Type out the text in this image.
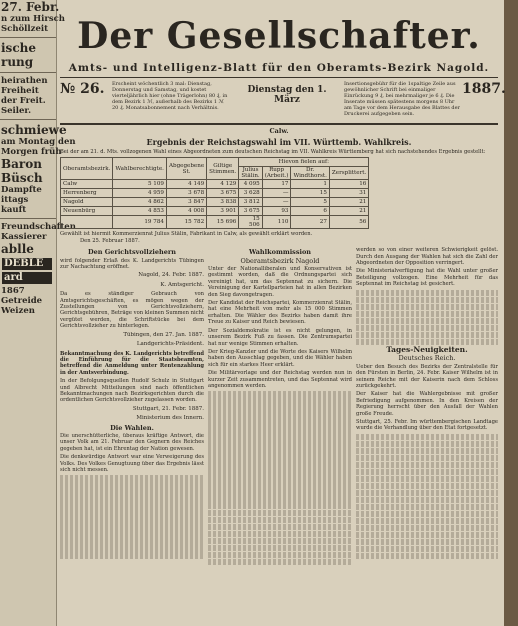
27. Febr.
n zum Hirsch
Schöllzeit
ische
rung
heirathen
Freiheit
der Freit.
Seiler.
schmiewe
am Montag den
Morgen früh
Baron
Büsch
Dampfte
ittags
kauft
Freundschaften
Kassierer
ablle
DEBLE
ard
1867
Getreide
Weizen
Der Gesellschafter.
Amts- und Intelligenz-Blatt für den Oberamts-Bezirk Nagold.
№ 26.	Erscheint wöchentlich 3 mal: Dienstag, Donnerstag und Samstag, und kostet vierteljährlich hier (ohne Trägerlohn) 80 ₰, in dem Bezirk 1 ℳ, außerhalb des Bezirks 1 ℳ 20 ₰. Monatsabonnement nach Verhältnis.
Dienstag den 1. März
Insertionsgebühr für die 1spaltige Zeile aus gewöhnlicher Schrift bei einmaliger Einrückung 9 ₰, bei mehrmaliger je 6 ₰. Die Inserate müssen spätestens morgens 8 Uhr am Tage vor dem Herausgabe des Blattes der Druckerei aufgegeben sein.
1887.
Calw.
Ergebnis der Reichstagswahl im VII. Württemb. Wahlkreis.
Bei der am 21. d. Mts. vollzogenen Wahl eines Abgeordneten zum deutschen Reichstag im VII. Wahlkreis Württemberg hat sich nachstehendes Ergebnis gestellt:
Oberamtsbezirk.	Wahlberechtigte.	Abgegebene St.	Giltige Stimmen.	Hievon fielen auf:			
				Julius Stälin.	Rupp (Arbeit.)	Dr. Windthorst.	Zersplittert.
Calw	5 109	4 149	4 129	4 095	17	1	16
Herrenberg	4 959	3 678	3 675	3 628	—	15	31
Nagold	4 862	3 847	3 838	3 812	—	5	21
Neuenbürg	4 853	4 008	3 901	3 675	93	6	21
	19 784	15 782	15 696	15 506	110	27	56
Gewählt ist hiermit Kommerzienrat Julius Stälin, Fabrikant in Calw, als gewählt erklärt worden.
Den 25. Februar 1887.
Den Gerichtsvollziehern
wird folgender Erlaß des K. Landgerichts Tübingen zur Nachachtung eröffnet.
Nagold, 24. Febr. 1887.
K. Amtsgericht.
Da es ständiger Gebrauch von Amtsgerichtsgeschäften, es mögen wegen der Zustellungen von Gerichtsvollziehern, Gerichtsgebühren, Beträge von kleinen Summen nicht vergütet werden, die Schriftstücke bei dem Gerichtsvollzieher zu hinterlegen.
Tübingen, den 27. Jan. 1887.
Landgerichts-Präsident.
Bekanntmachung des K. Landgerichts betreffend die Einführung für die Staatsbeamten, betreffend die Anmeldung unter Rentenzahlung in der Amtsverbindung.
In der Befolgungsquellen Rudolf Schulz in Stuttgart und Albrecht Mitteilungen sind nach öffentlichen Bekanntmachungen nach Bezirksgerichten durch die ordentlichen Gerichtsvollzieher zugelassen worden.
Stuttgart, 21. Febr. 1887.
Ministerium des Innern.
Die Wahlen.
Die unerschütterliche, überaus kräftige Antwort, die unser Volk am 21. Februar den Gegnern des Reiches gegeben hat, ist ein Ehrentag der Nation gewesen.
Die denkwürdige Antwort war eine Verweigerung des Volks. Des Volkes Genugtuung über das Ergebnis lässt sich nicht messen.
Wahlkommission
Oberamtsbezirk Nagold
Unter der Nationalliberalen und Konservativen ist gestimmt worden, daß die Ordnungspartei sich vereinigt hat, um das Septennat zu sichern. Die Vereinigung der Kartellparteien hat in allen Bezirken den Sieg davongetragen.
Der Kandidat der Reichspartei, Kommerzienrat Stälin, hat eine Mehrheit von mehr als 15 000 Stimmen erhalten. Die Wähler des Bezirks haben damit ihre Treue zu Kaiser und Reich bewiesen.
Der Sozialdemokratie ist es nicht gelungen, in unserem Bezirk Fuß zu fassen. Die Zentrumspartei hat nur wenige Stimmen erhalten.
Der Krieg-Kanzler und die Worte des Kaisers Wilhelm haben den Ausschlag gegeben, und die Wähler haben sich für ein starkes Heer erklärt.
Die Militärvorlage und der Reichstag werden nun in kurzer Zeit zusammentreten, und das Septennat wird angenommen werden.
werden so von einer weiteren Schwierigkeit gelöst. Durch den Ausgang der Wahlen hat sich die Zahl der Abgeordneten der Opposition verringert.
Die Ministerialverfügung hat die Wahl unter großer Beteiligung vollzogen. Eine Mehrheit für das Septennat im Reichstag ist gesichert.
Tages-Neuigkeiten.
Deutsches Reich.
Ueber den Besuch des Bezirks der Zentralstelle für den Fürsten in Berlin, 24. Febr. Kaiser Wilhelm ist in seinem Reiche mit der Kaiserin nach dem Schloss zurückgekehrt.
Der Kaiser hat die Wahlergebnisse mit großer Befriedigung aufgenommen. In den Kreisen der Regierung herrscht über den Ausfall der Wahlen große Freude.
Stuttgart, 25. Febr. Im württembergischen Landtage wurde die Verhandlung über den Etat fortgesetzt.
